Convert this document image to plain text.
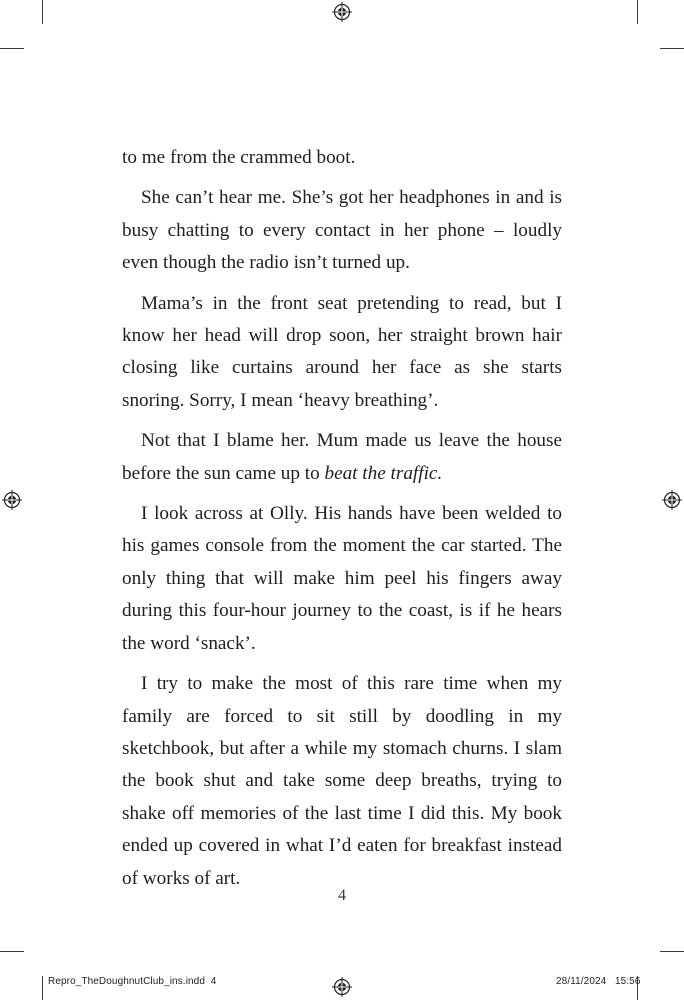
to me from the crammed boot.

She can’t hear me. She’s got her headphones in and is busy chatting to every contact in her phone – loudly even though the radio isn’t turned up.

Mama’s in the front seat pretending to read, but I know her head will drop soon, her straight brown hair closing like curtains around her face as she starts snoring. Sorry, I mean ‘heavy breathing’.

Not that I blame her. Mum made us leave the house before the sun came up to beat the traffic.

I look across at Olly. His hands have been welded to his games console from the moment the car started. The only thing that will make him peel his fingers away during this four-hour journey to the coast, is if he hears the word ‘snack’.

I try to make the most of this rare time when my family are forced to sit still by doodling in my sketchbook, but after a while my stomach churns. I slam the book shut and take some deep breaths, trying to shake off memories of the last time I did this. My book ended up covered in what I’d eaten for breakfast instead of works of art.

4
Repro_TheDoughnutClub_ins.indd 4	28/11/2024 15:56
